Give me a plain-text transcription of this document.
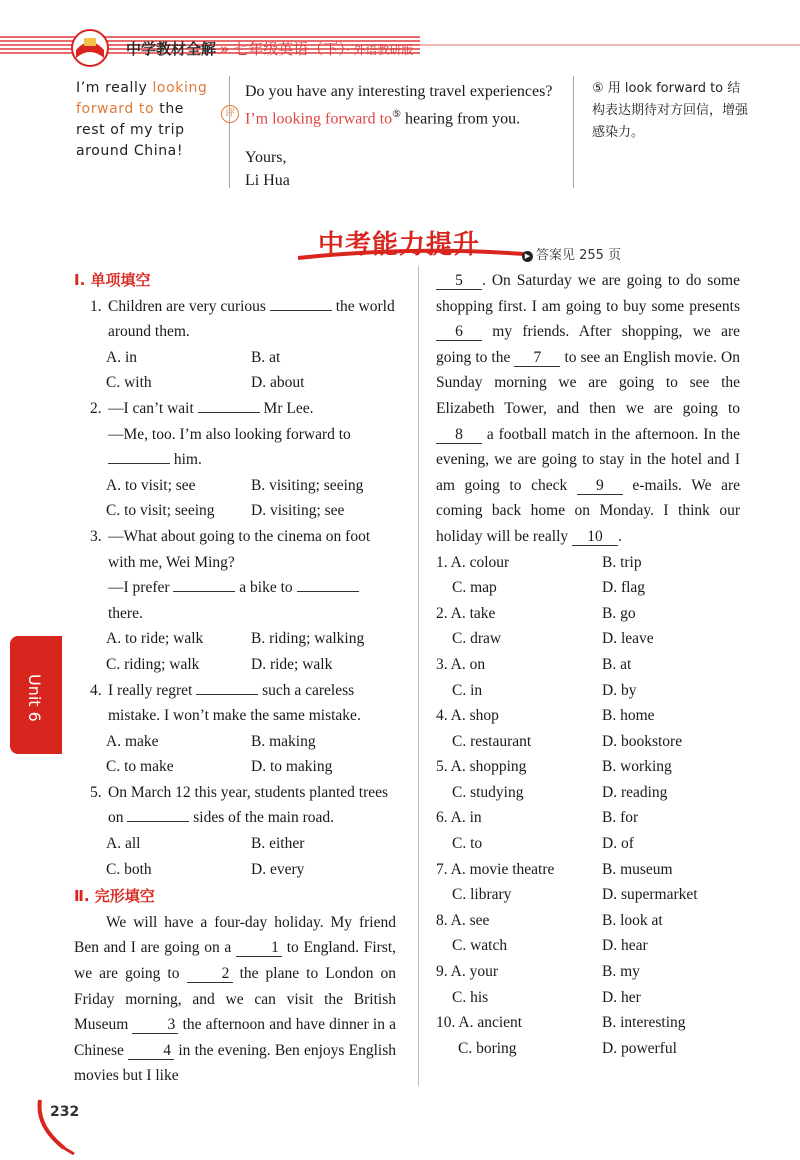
中学教材全解 » 七年级英语（下）· 外语教研版
I’m really looking forward to the rest of my trip around China!
评
Do you have any interesting travel experiences?
I’m looking forward to⑤ hearing from you.
Yours,
Li Hua
⑤ 用 look forward to 结构表达期待对方回信，增强感染力。
中考能力提升	▶ 答案见 255 页
Ⅰ. 单项填空
1. Children are very curious	the world around them.
A. in	B. at
C. with	D. about
2. —I can’t wait	Mr Lee.
—Me, too. I’m also looking forward to
him.
A. to visit; see	B. visiting; seeing
C. to visit; seeing	D. visiting; see
3. —What about going to the cinema on foot with me, Wei Ming?
—I prefer	a bike to  there.
A. to ride; walk	B. riding; walking
C. riding; walk	D. ride; walk
4. I really regret	such a careless mistake. I won’t make the same mistake.
A. make	B. making
C. to make	D. to making
5. On March 12 this year, students planted trees on	sides of the main road.
A. all	B. either
C. both	D. every
Ⅱ. 完形填空
We will have a four-day holiday. My friend Ben and I are going on a 1 to England. First, we are going to 2 the plane to London on Friday morning, and we can visit the British Museum 3 the afternoon and have dinner in a Chinese 4 in the evening. Ben enjoys English movies but I like
5 . On Saturday we are going to do some shopping first. I am going to buy some presents 6 my friends. After shopping, we are going to the 7 to see an English movie. On Sunday morning we are going to see the Elizabeth Tower, and then we are going to 8 a football match in the afternoon. In the evening, we are going to stay in the hotel and I am going to check 9 e-mails. We are coming back home on Monday. I think our holiday will be really 10 .
1. A. colour	B. trip
C. map	D. flag
2. A. take	B. go
C. draw	D. leave
3. A. on	B. at
C. in	D. by
4. A. shop	B. home
C. restaurant	D. bookstore
5. A. shopping	B. working
C. studying	D. reading
6. A. in	B. for
C. to	D. of
7. A. movie theatre	B. museum
C. library	D. supermarket
8. A. see	B. look at
C. watch	D. hear
9. A. your	B. my
C. his	D. her
10. A. ancient	B. interesting
C. boring	D. powerful
Unit 6
232
